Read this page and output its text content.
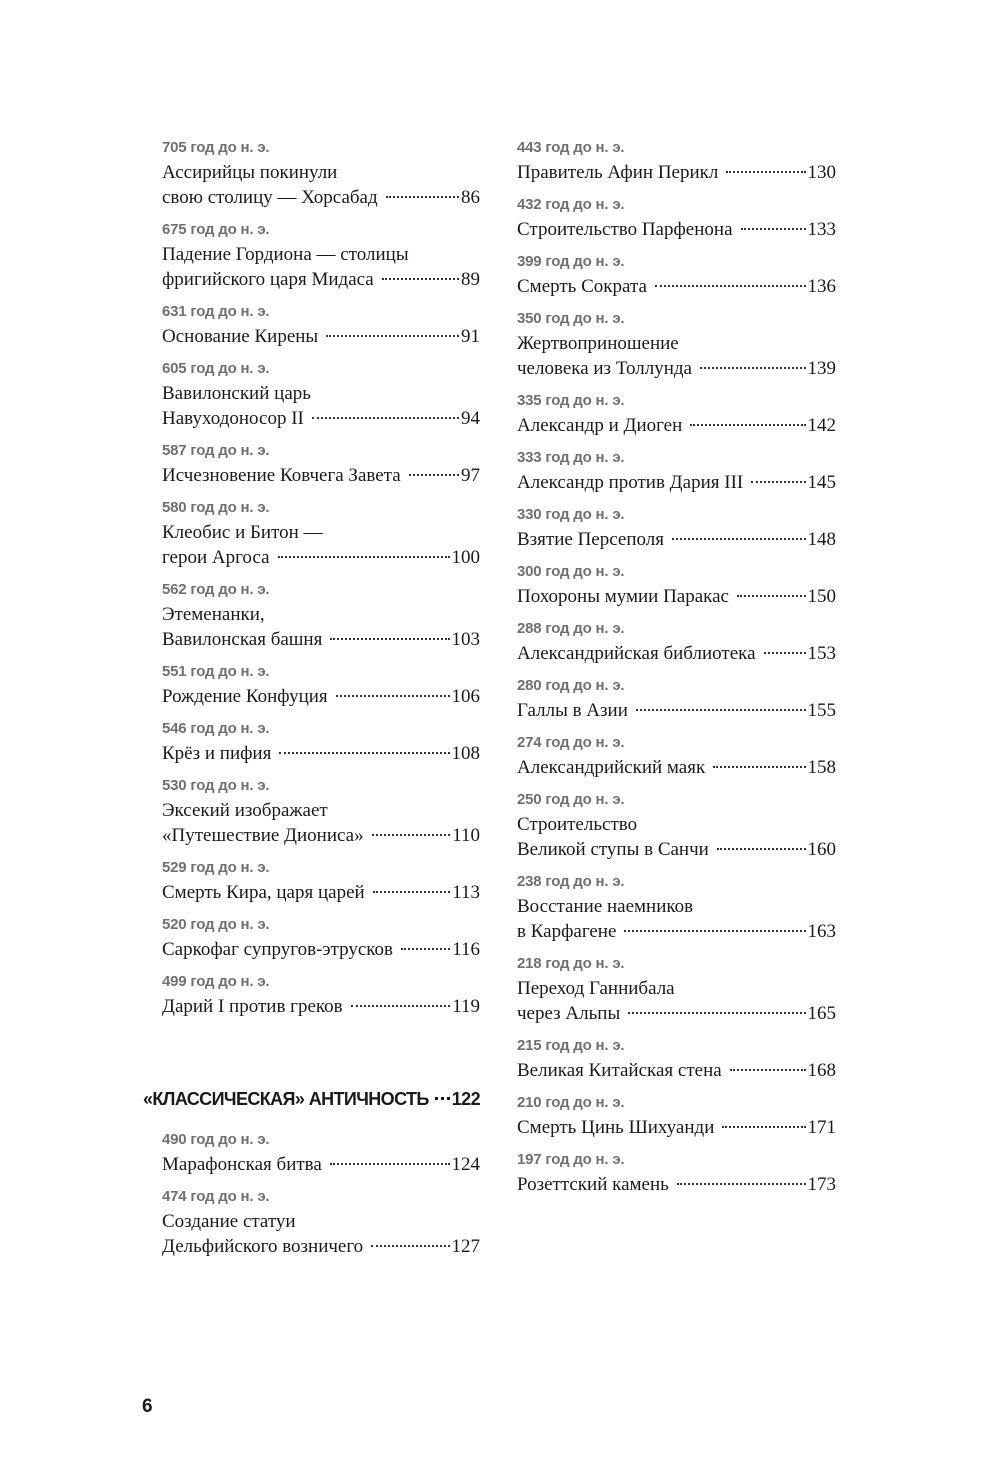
705 год до н. э.
Ассирийцы покинули
свою столицу — Хорсабад	86
675 год до н. э.
Падение Гордиона — столицы
фригийского царя Мидаса	89
631 год до н. э.
Основание Кирены	91
605 год до н. э.
Вавилонский царь
Навуходоносор II	94
587 год до н. э.
Исчезновение Ковчега Завета	97
580 год до н. э.
Клеобис и Битон —
герои Аргоса	100
562 год до н. э.
Этеменанки,
Вавилонская башня	103
551 год до н. э.
Рождение Конфуция	106
546 год до н. э.
Крёз и пифия	108
530 год до н. э.
Эксекий изображает
«Путешествие Диониса»	110
529 год до н. э.
Смерть Кира, царя царей	113
520 год до н. э.
Саркофаг супругов-этрусков	116
499 год до н. э.
Дарий I против греков	119
«КЛАССИЧЕСКАЯ» АНТИЧНОСТЬ 122
490 год до н. э.
Марафонская битва	124
474 год до н. э.
Создание статуи
Дельфийского возничего	127
443 год до н. э.
Правитель Афин Перикл	130
432 год до н. э.
Строительство Парфенона	133
399 год до н. э.
Смерть Сократа	136
350 год до н. э.
Жертвоприношение
человека из Толлунда	139
335 год до н. э.
Александр и Диоген	142
333 год до н. э.
Александр против Дария III	145
330 год до н. э.
Взятие Персеполя	148
300 год до н. э.
Похороны мумии Паракас	150
288 год до н. э.
Александрийская библиотека	153
280 год до н. э.
Галлы в Азии	155
274 год до н. э.
Александрийский маяк	158
250 год до н. э.
Строительство
Великой ступы в Санчи	160
238 год до н. э.
Восстание наемников
в Карфагене	163
218 год до н. э.
Переход Ганнибала
через Альпы	165
215 год до н. э.
Великая Китайская стена	168
210 год до н. э.
Смерть Цинь Шихуанди	171
197 год до н. э.
Розеттский камень	173
6
